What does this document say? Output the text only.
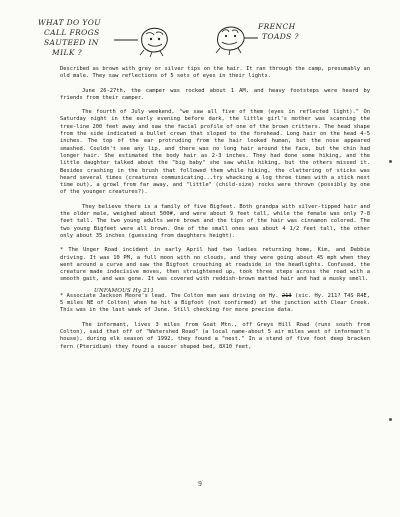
WHAT DO YOU
CALL FROGS
SAUTEED IN
MILK ?
FRENCH
TOADS ?

Described as brown with grey or silver tips on the hair. It ran through the camp, presumably an old male. They saw reflections of 5 sets of eyes in their lights.

June 26-27th, the camper was rocked about 1 AM, and heavy footsteps were heard by friends from their camper.

The fourth of July weekend, "we saw all five of them (eyes in reflected light)." On Saturday night in the early evening before dark, the little girl's mother was scanning the tree-line 200 feet away and saw the facial profile of one of the brown critters. The head shape from the side indicated a bullet crown that sloped to the forehead. Long hair on the head 4-5 inches. The top of the ear protruding from the hair looked human, but the nose appeared smashed. Couldn't see any lip, and there was no long hair around the face, but the chin had longer hair. She estimated the body hair as 2-3 inches. They had done some hiking, and the little daughter talked about the "big baby" she saw while hiking, but the others missed it. Besides crashing in the brush that followed them while hiking, the clattering of sticks was heard several times (creatures communicating...try whacking a log three times with a stick next time out), a growl from far away, and "little" (child-size) rocks were thrown (possibly by one of the younger creatures?).

They believe there is a family of five Bigfeet. Both grandpa with silver-tipped hair and the older male, weighed about 500#, and were about 9 feet tall, while the female was only 7-8 feet tall. The two young adults were brown and the tips of the hair was cinnamon colored. The two young Bigfeet were all brown. One of the small ones was about 4 1/2 feet tall, the other only about 35 inches (guessing from daughters height).

* The Unger Road incident in early April had two ladies returning home, Kim, and Debbie driving. It was 10 PM, a full moon with no clouds, and they were going about 45 mph when they went around a curve and saw the Bigfoot crouching at roadside in the headlights. Confused, the creature made indecisive moves, then straightened up, took three steps across the road with a smooth gait, and was gone. It was covered with reddish-brown matted hair and had a musky smell.

UNFAMOUS Hy 211
* Associate Jackson Moore's lead. The Colton man was driving on Hy. 213 (sic. Hy. 211? T4S R4E, 5 miles NE of Colton) when he hit a Bigfoot (not confirmed) at the junction with Clear Creek. This was in the last week of June. Still checking for more precise data.

The informant, lives 3 miles from Goat Mtn., off Greys Hill Road (runs south from Colton), said that off of "Watershed Road" (a local name-about 5 air miles west of informant's house), during elk season of 1992, they found a "nest." In a stand of five foot deep bracken fern (Pteridium) they found a saucer shaped bed, 8X10 feet,

9
